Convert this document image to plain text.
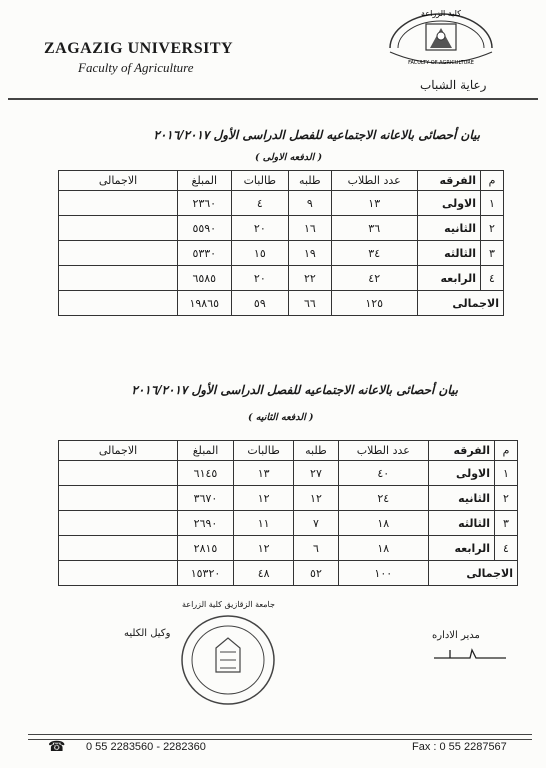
ZAGAZIG UNIVERSITY
Faculty of Agriculture
كلية الزراعة
FACULTY OF AGRICULTURE
رعاية الشباب
بيان أحصائى بالاعانه الاجتماعيه للفصل الدراسى الأول ٢٠١٦/٢٠١٧
( الدفعه الاولى )
م	الفرقه	عدد الطلاب	طلبه	طالبات	المبلغ	الاجمالى
١	الاولى	١٣	٩	٤	٢٣٦٠	
٢	الثانيه	٣٦	١٦	٢٠	٥٥٩٠	
٣	الثالثه	٣٤	١٩	١٥	٥٣٣٠	
٤	الرابعه	٤٢	٢٢	٢٠	٦٥٨٥	
الاجمالى		١٢٥	٦٦	٥٩	١٩٨٦٥	
بيان أحصائى بالاعانه الاجتماعيه للفصل الدراسى الأول ٢٠١٦/٢٠١٧
( الدفعه الثانيه )
م	الفرقه	عدد الطلاب	طلبه	طالبات	المبلغ	الاجمالى
١	الاولى	٤٠	٢٧	١٣	٦١٤٥	
٢	الثانيه	٢٤	١٢	١٢	٣٦٧٠	
٣	الثالثه	١٨	٧	١١	٢٦٩٠	
٤	الرابعه	١٨	٦	١٢	٢٨١٥	
الاجمالى		١٠٠	٥٢	٤٨	١٥٣٢٠	
وكيل الكليه	مدير الاداره
جامعة الزقازيق كلية الزراعة
☎ 0 55 2283560 - 2282360	Fax : 0 55 2287567
